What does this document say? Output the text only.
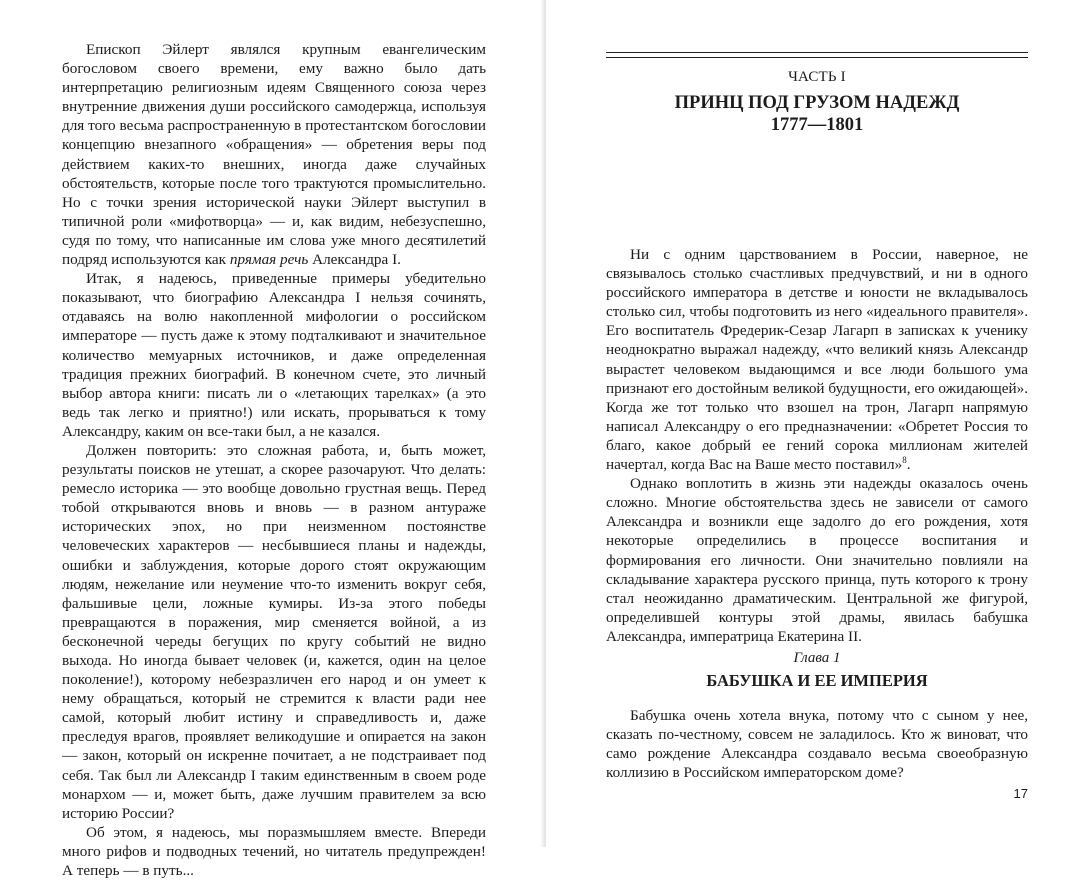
Епископ Эйлерт являлся крупным евангелическим богословом своего времени, ему важно было дать интерпретацию религиозным идеям Священного союза через внутренние движения души российского самодержца, используя для того весьма распространенную в протестантском богословии концепцию внезапного «обращения» — обретения веры под действием каких-то внешних, иногда даже случайных обстоятельств, которые после того трактуются промыслительно. Но с точки зрения исторической науки Эйлерт выступил в типичной роли «мифотворца» — и, как видим, небезуспешно, судя по тому, что написанные им слова уже много десятилетий подряд используются как прямая речь Александра I.

Итак, я надеюсь, приведенные примеры убедительно показывают, что биографию Александра I нельзя сочинять, отдаваясь на волю накопленной мифологии о российском императоре — пусть даже к этому подталкивают и значительное количество мемуарных источников, и даже определенная традиция прежних биографий. В конечном счете, это личный выбор автора книги: писать ли о «летающих тарелках» (а это ведь так легко и приятно!) или искать, прорываться к тому Александру, каким он все-таки был, а не казался.

Должен повторить: это сложная работа, и, быть может, результаты поисков не утешат, а скорее разочаруют. Что делать: ремесло историка — это вообще довольно грустная вещь. Перед тобой открываются вновь и вновь — в разном антураже исторических эпох, но при неизменном постоянстве человеческих характеров — несбывшиеся планы и надежды, ошибки и заблуждения, которые дорого стоят окружающим людям, нежелание или неумение что-то изменить вокруг себя, фальшивые цели, ложные кумиры. Из-за этого победы превращаются в поражения, мир сменяется войной, а из бесконечной череды бегущих по кругу событий не видно выхода. Но иногда бывает человек (и, кажется, один на целое поколение!), которому небезразличен его народ и он умеет к нему обращаться, который не стремится к власти ради нее самой, который любит истину и справедливость и, даже преследуя врагов, проявляет великодушие и опирается на закон — закон, который он искренне почитает, а не подстраивает под себя. Так был ли Александр I таким единственным в своем роде монархом — и, может быть, даже лучшим правителем за всю историю России?

Об этом, я надеюсь, мы поразмышляем вместе. Впереди много рифов и подводных течений, но читатель предупрежден! А теперь — в путь...

ЧАСТЬ I
ПРИНЦ ПОД ГРУЗОМ НАДЕЖД
1777—1801

Ни с одним царствованием в России, наверное, не связывалось столько счастливых предчувствий, и ни в одного российского императора в детстве и юности не вкладывалось столько сил, чтобы подготовить из него «идеального правителя». Его воспитатель Фредерик-Сезар Лагарп в записках к ученику неоднократно выражал надежду, «что великий князь Александр вырастет человеком выдающимся и все люди большого ума признают его достойным великой будущности, его ожидающей». Когда же тот только что взошел на трон, Лагарп напрямую написал Александру о его предназначении: «Обретет Россия то благо, какое добрый ее гений сорока миллионам жителей начертал, когда Вас на Ваше место поставил»$^8$.

Однако воплотить в жизнь эти надежды оказалось очень сложно. Многие обстоятельства здесь не зависели от самого Александра и возникли еще задолго до его рождения, хотя некоторые определились в процессе воспитания и формирования его личности. Они значительно повлияли на складывание характера русского принца, путь которого к трону стал неожиданно драматическим. Центральной же фигурой, определившей контуры этой драмы, явилась бабушка Александра, императрица Екатерина II.

Глава 1
БАБУШКА И ЕЕ ИМПЕРИЯ

Бабушка очень хотела внука, потому что с сыном у нее, сказать по-честному, совсем не заладилось. Кто ж виноват, что само рождение Александра создавало весьма своеобразную коллизию в Российском императорском доме?

17
